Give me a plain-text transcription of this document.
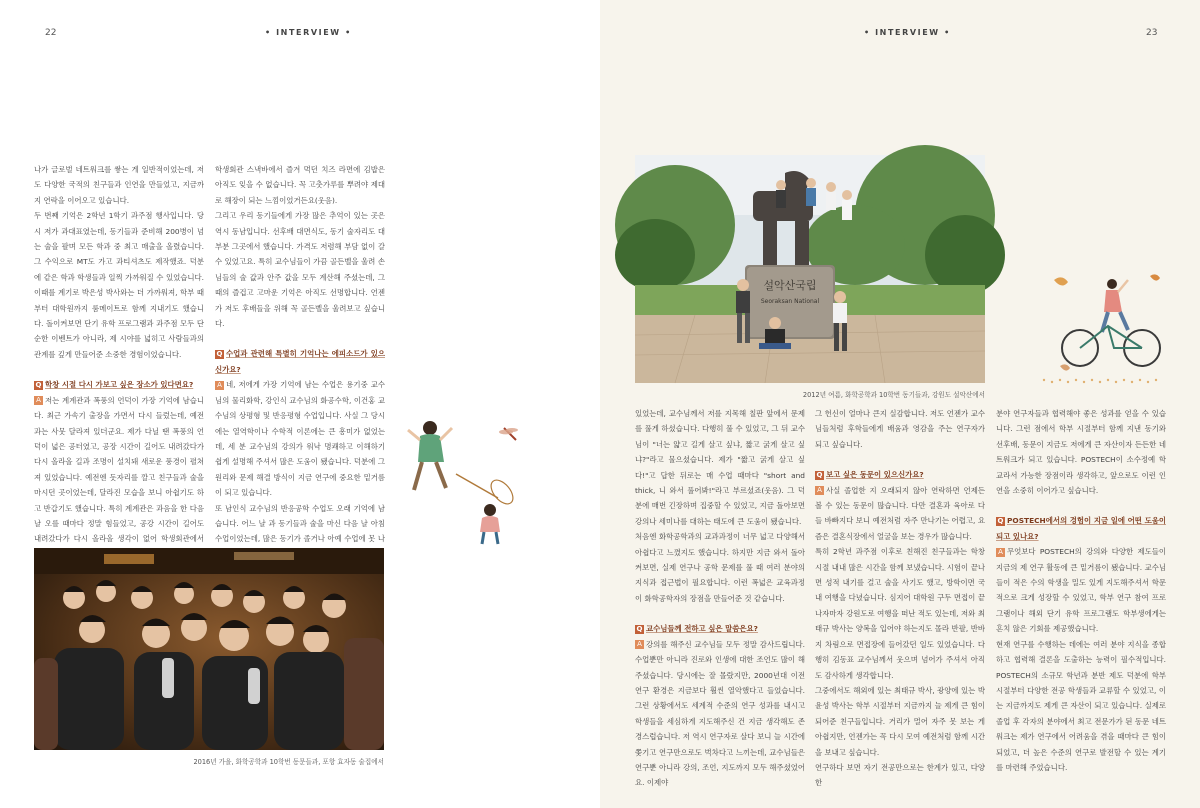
22	• INTERVIEW •

나가 글로벌 네트워크를 쌓는 게 일반적이었는데, 저도 다양한 국적의 친구들과 인연을 만들었고, 지금까지 연락을 이어오고 있습니다.

두 번째 기억은 2학년 1학기 과주점 행사입니다. 당시 저가 과대표였는데, 동기들과 준비해 200병이 넘는 술을 팔며 모든 학과 중 최고 매출을 올렸습니다. 그 수익으로 MT도 가고 과티셔츠도 제작했죠. 덕분에 같은 학과 학생들과 일찍 가까워질 수 있었습니다. 이때를 계기로 박은성 박사와는 더 가까워져, 학부 때부터 대학원까지 룸메이트로 함께 지내기도 했습니다. 돌이켜보면 단기 유학 프로그램과 과주점 모두 단순한 이벤트가 아니라, 제 시야를 넓히고 사람들과의 관계를 깊게 만들어준 소중한 경험이었습니다.

Q 학창 시절 다시 가보고 싶은 장소가 있다면요?

A 저는 계계관과 폭풍의 언덕이 가장 기억에 남습니다. 최근 가속기 출장을 가면서 다시 들렀는데, 예전과는 사뭇 달라져 있더군요. 제가 다닐 땐 폭풍의 언덕이 넓은 공터였고, 공장 시간이 길어도 내려갔다가 다시 올라올 길과 조명이 설치돼 새로운 풍경이 펼쳐져 있었습니다. 예전엔 돗자리를 깔고 친구들과 술을 마시던 곳이었는데, 달라진 모습을 보니 아쉽기도 하고 반갑기도 했습니다. 특히 계계관은 과음을 한 다음 날 오를 때마다 정말 힘들었고, 공강 시간이 길어도 내려갔다가 다시 올라올 생각이 없어 학생회관에서

학생회관 스낵바에서 즐겨 먹던 치즈 라면에 김밥은 아직도 잊을 수 없습니다. 꼭 고춧가루를 뿌려야 제대로 해장이 되는 느낌이었거든요(웃음).

그리고 우리 동기들에게 가장 많은 추억이 있는 곳은 역시 동남입니다. 선후배 대면식도, 동기 술자리도 대부분 그곳에서 했습니다. 가격도 저렴해 부담 없이 갈 수 있었고요. 특히 교수님들이 가끔 골든벨을 울려 손님들의 술 값과 안주 값을 모두 계산해 주셨는데, 그때의 즐겁고 고마운 기억은 아직도 선명합니다. 언젠가 저도 후배들을 위해 꼭 골든벨을 울려보고 싶습니다.

Q 수업과 관련해 특별히 기억나는 에피소드가 있으신가요?

A 네, 저에게 가장 기억에 남는 수업은 용기중 교수님의 물리화학, 강인식 교수님의 화공수학, 이건홍 교수님의 상평형 및 반응평형 수업입니다. 사실 그 당시에는 열역학이나 수학적 이론에는 큰 흥미가 없었는데, 세 분 교수님의 강의가 워낙 명쾌하고 이해하기 쉽게 설명해 주셔서 많은 도움이 됐습니다. 덕분에 그 원리와 문제 해결 방식이 지금 연구에 중요한 밑거름이 되고 있습니다.

또 남인식 교수님의 반응공학 수업도 오래 기억에 남습니다. 어느 날 과 동기들과 술을 마신 다음 날 아침 수업이었는데, 많은 동기가 졸거나 아예 수업에 못 나

2016년 가을, 화학공학과 10학번 동문들과, 포항 효자동 술집에서
• INTERVIEW •	23
설악산국립
Seoraksan National
2012년 여름, 화학공학과 10학번 동기들과, 강원도 설악산에서

있었는데, 교수님께서 저를 지목해 칠판 앞에서 문제를 풀게 하셨습니다. 다행히 풀 수 있었고, 그 뒤 교수님이 "너는 얇고 길게 살고 싶냐, 짧고 굵게 살고 싶냐?"라고 물으셨습니다. 제가 "짧고 굵게 살고 싶다!"고 답한 뒤로는 매 수업 때마다 "short and thick, 니 와서 풀어봐!"라고 부르셨죠(웃음). 그 덕분에 매번 긴장하며 집중할 수 있었고, 지금 돌아보면 강의나 세미나를 대하는 태도에 큰 도움이 됐습니다.

처음엔 화학공학과의 교과과정이 너무 넓고 다양해서 아쉽다고 느꼈지도 했습니다. 하지만 지금 와서 돌아켜보면, 실제 연구나 공학 문제를 풀 때 여러 분야의 지식과 접근법이 필요합니다. 이런 폭넓은 교육과정이 화학공학자의 장점을 만들어준 것 같습니다.

Q 교수님들께 전하고 싶은 말씀은요?

A 강의를 해주신 교수님들 모두 정말 감사드립니다. 수업뿐만 아니라 진로와 인생에 대한 조언도 많이 해주셨습니다. 당시에는 잘 몰랐지만, 2000년대 이전 연구 환경은 지금보다 훨씬 열악했다고 들었습니다. 그런 상황에서도 세계적 수준의 연구 성과를 내시고 학생들을 세심하게 지도해주신 건 지금 생각해도 존경스럽습니다. 저 역시 연구자로 살다 보니 늘 시간에 쫓기고 연구만으로도 벅차다고 느끼는데, 교수님들은 연구뿐 아니라 강의, 조언, 지도까지 모두 해주셨었어요. 이제야

그 헌신이 얼마나 큰지 실감합니다. 저도 언젠가 교수님들처럼 후학들에게 배움과 영감을 주는 연구자가 되고 싶습니다.

Q 보고 싶은 동문이 있으신가요?

A 사실 졸업한 지 오래되지 않아 연락하면 언제든 볼 수 있는 동문이 많습니다. 다만 결혼과 육아로 다들 바빠지다 보니 예전처럼 자주 만나기는 어렵고, 요즘은 결혼식장에서 얼굴을 보는 경우가 많습니다.

특히 2학년 과주점 이후로 친해진 친구들과는 학창 시절 내내 많은 시간을 함께 보냈습니다. 시험이 끝나면 성적 내기를 걸고 술을 사기도 했고, 방학이면 국내 여행을 다녔습니다. 심지어 대학원 구두 면접이 끝나자마자 강원도로 여행을 떠난 적도 있는데, 저와 최태규 박사는 양복을 입어야 하는지도 몰라 반팔, 반바지 차림으로 면접장에 들어갔던 일도 있었습니다. 다행히 김동표 교수님께서 웃으며 넘어가 주셔서 아직도 감사하게 생각합니다.

그중에서도 해외에 있는 최태규 박사, 광양에 있는 박윤성 박사는 학부 시절부터 지금까지 늘 제게 큰 힘이 되어준 친구들입니다. 거리가 멀어 자주 못 보는 게 아쉽지만, 언젠가는 꼭 다시 모여 예전처럼 함께 시간을 보내고 싶습니다.

연구하다 보면 자기 전공만으로는 한계가 있고, 다양한

분야 연구자들과 협력해야 좋은 성과를 얻을 수 있습니다. 그런 점에서 학부 시절부터 함께 지낸 동기와 선후배, 동문이 지금도 저에게 큰 자산이자 든든한 네트워크가 되고 있습니다. POSTECH이 소수정예 학교라서 가능한 장점이라 생각하고, 앞으로도 이런 인연을 소중히 이어가고 싶습니다.

Q POSTECH에서의 경험이 지금 일에 어떤 도움이 되고 있나요?

A 무엇보다 POSTECH의 강의와 다양한 제도들이 지금의 제 연구 활동에 큰 밑거름이 됐습니다. 교수님들이 적은 수의 학생을 밀도 있게 지도해주셔서 학문적으로 크게 성장할 수 있었고, 학부 연구 참여 프로그램이나 해외 단기 유학 프로그램도 학부생에게는 흔치 않은 기회를 제공했습니다.

현재 연구를 수행하는 데에는 여러 분야 지식을 종합하고 협력해 결론을 도출하는 능력이 필수적입니다. POSTECH의 소규모 학년과 분반 제도 덕분에 학부 시절부터 다양한 전공 학생들과 교류할 수 있었고, 이는 지금까지도 제게 큰 자산이 되고 있습니다. 실제로 졸업 후 각자의 분야에서 최고 전문가가 된 동문 네트워크는 제가 연구에서 어려움을 겪을 때마다 큰 힘이 되었고, 더 높은 수준의 연구로 발전할 수 있는 계기를 마련해 주었습니다.
